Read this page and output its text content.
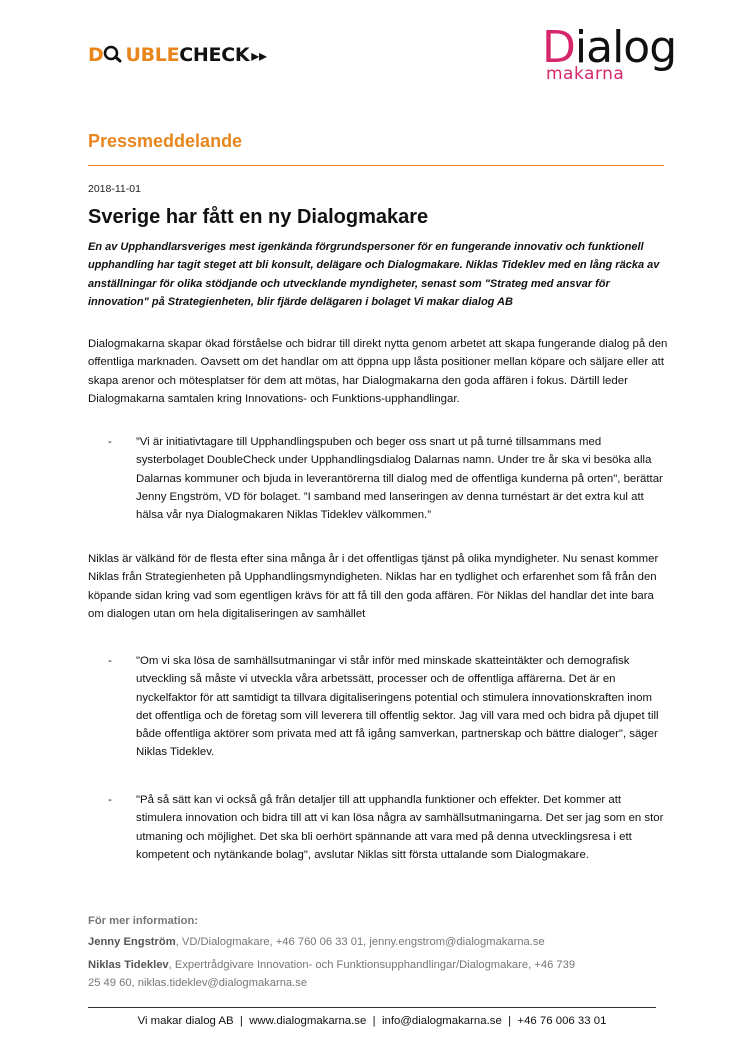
D UBLECHECK ▸▸	Dialog
makarna
Pressmeddelande
2018-11-01
Sverige har fått en ny Dialogmakare
En av Upphandlarsveriges mest igenkända förgrundspersoner för en fungerande innovativ och funktionell upphandling har tagit steget att bli konsult, delägare och Dialogmakare. Niklas Tideklev med en lång räcka av anställningar för olika stödjande och utvecklande myndigheter, senast som "Strateg med ansvar för innovation" på Strategienheten, blir fjärde delägaren i bolaget Vi makar dialog AB
Dialogmakarna skapar ökad förståelse och bidrar till direkt nytta genom arbetet att skapa fungerande dialog på den offentliga marknaden. Oavsett om det handlar om att öppna upp låsta positioner mellan köpare och säljare eller att skapa arenor och mötesplatser för dem att mötas, har Dialogmakarna den goda affären i fokus. Därtill leder Dialogmakarna samtalen kring Innovations- och Funktions-upphandlingar.
- ”Vi är initiativtagare till Upphandlingspuben och beger oss snart ut på turné tillsammans med systerbolaget DoubleCheck under Upphandlingsdialog Dalarnas namn. Under tre år ska vi besöka alla Dalarnas kommuner och bjuda in leverantörerna till dialog med de offentliga kunderna på orten", berättar Jenny Engström, VD för bolaget. ”I samband med lanseringen av denna turnéstart är det extra kul att hälsa vår nya Dialogmakaren Niklas Tideklev välkommen.”
Niklas är välkänd för de flesta efter sina många år i det offentligas tjänst på olika myndigheter. Nu senast kommer Niklas från Strategienheten på Upphandlingsmyndigheten. Niklas har en tydlighet och erfarenhet som få från den köpande sidan kring vad som egentligen krävs för att få till den goda affären. För Niklas del handlar det inte bara om dialogen utan om hela digitaliseringen av samhället
- "Om vi ska lösa de samhällsutmaningar vi står inför med minskade skatteintäkter och demografisk utveckling så måste vi utveckla våra arbetssätt, processer och de offentliga affärerna. Det är en nyckelfaktor för att samtidigt ta tillvara digitaliseringens potential och stimulera innovationskraften inom det offentliga och de företag som vill leverera till offentlig sektor. Jag vill vara med och bidra på djupet till både offentliga aktörer som privata med att få igång samverkan, partnerskap och bättre dialoger", säger Niklas Tideklev.
- "På så sätt kan vi också gå från detaljer till att upphandla funktioner och effekter. Det kommer att stimulera innovation och bidra till att vi kan lösa några av samhällsutmaningarna. Det ser jag som en stor utmaning och möjlighet. Det ska bli oerhört spännande att vara med på denna utvecklingsresa i ett kompetent och nytänkande bolag", avslutar Niklas sitt första uttalande som Dialogmakare.
För mer information:
Jenny Engström, VD/Dialogmakare, +46 760 06 33 01, jenny.engstrom@dialogmakarna.se
Niklas Tideklev, Expertrådgivare Innovation- och Funktionsupphandlingar/Dialogmakare, +46 739
25 49 60, niklas.tideklev@dialogmakarna.se
Vi makar dialog AB  |  www.dialogmakarna.se  |  info@dialogmakarna.se  |  +46 76 006 33 01
